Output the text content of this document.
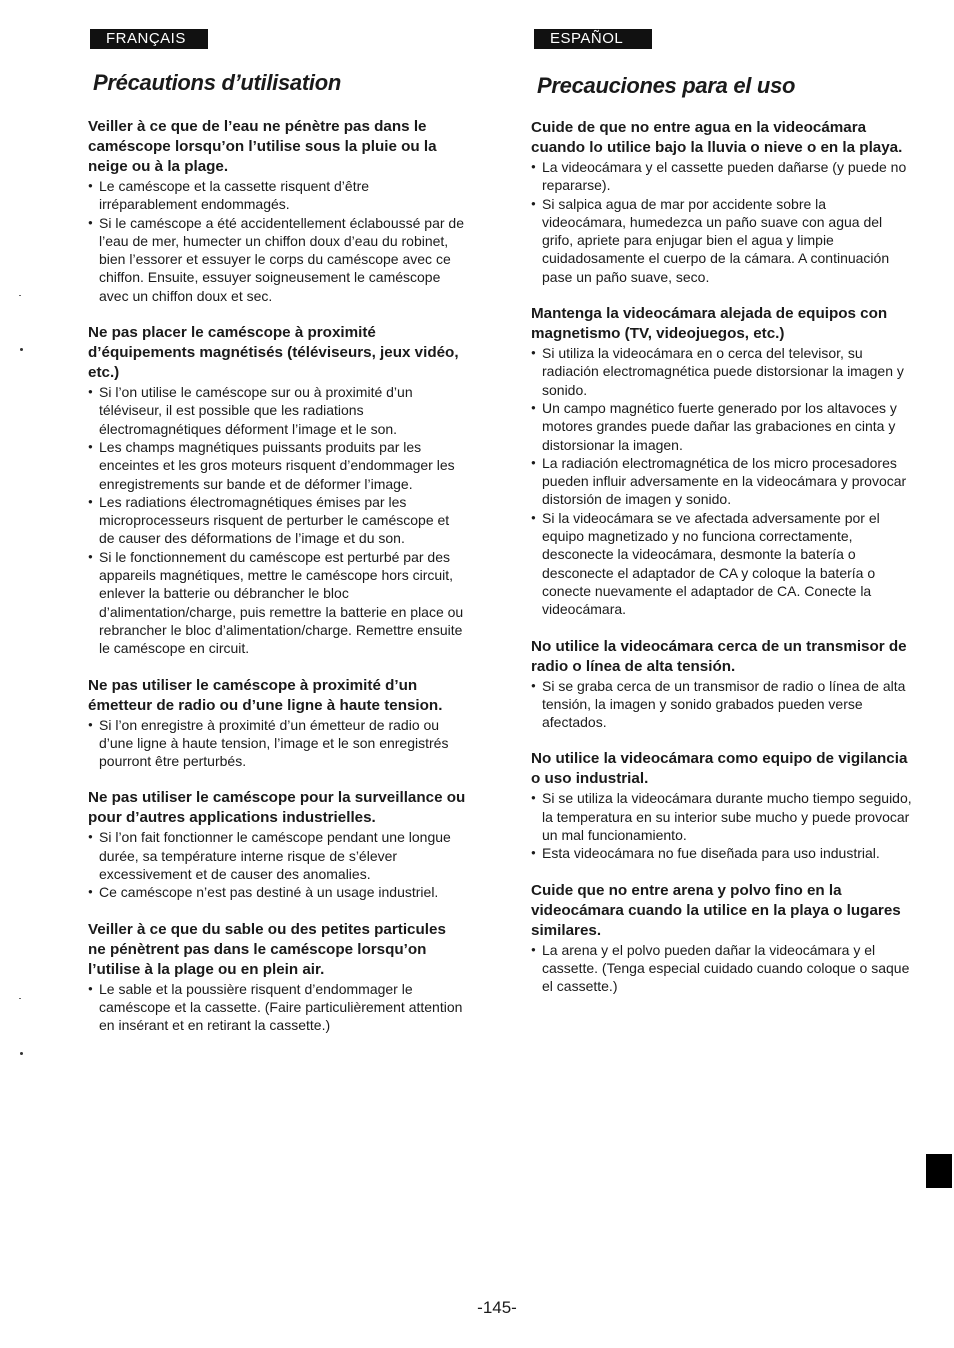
FRANÇAIS
Précautions d’utilisation
Veiller à ce que de l’eau ne pénètre pas dans le caméscope lorsqu’on l’utilise sous la pluie ou la neige ou à la plage.
● Le caméscope et la cassette risquent d’être irréparablement endommagés.
● Si le caméscope a été accidentellement éclaboussé par de l’eau de mer, humecter un chiffon doux d’eau du robinet, bien l’essorer et essuyer le corps du caméscope avec ce chiffon. Ensuite, essuyer soigneusement le caméscope avec un chiffon doux et sec.
Ne pas placer le caméscope à proximité d’équipements magnétisés (téléviseurs, jeux vidéo, etc.)
● Si l’on utilise le caméscope sur ou à proximité d’un téléviseur, il est possible que les radiations électromagnétiques déforment l’image et le son.
● Les champs magnétiques puissants produits par les enceintes et les gros moteurs risquent d’endommager les enregistrements sur bande et de déformer l’image.
● Les radiations électromagnétiques émises par les microprocesseurs risquent de perturber le caméscope et de causer des déformations de l’image et du son.
● Si le fonctionnement du caméscope est perturbé par des appareils magnétiques, mettre le caméscope hors circuit, enlever la batterie ou débrancher le bloc d’alimentation/charge, puis remettre la batterie en place ou rebrancher le bloc d’alimentation/charge. Remettre ensuite le caméscope en circuit.
Ne pas utiliser le caméscope à proximité d’un émetteur de radio ou d’une ligne à haute tension.
● Si l’on enregistre à proximité d’un émetteur de radio ou d’une ligne à haute tension, l’image et le son enregistrés pourront être perturbés.
Ne pas utiliser le caméscope pour la surveillance ou pour d’autres applications industrielles.
● Si l’on fait fonctionner le caméscope pendant une longue durée, sa température interne risque de s’élever excessivement et de causer des anomalies.
● Ce caméscope n’est pas destiné à un usage industriel.
Veiller à ce que du sable ou des petites particules ne pénètrent pas dans le caméscope lorsqu’on l’utilise à la plage ou en plein air.
● Le sable et la poussière risquent d’endommager le caméscope et la cassette. (Faire particulièrement attention en insérant et en retirant la cassette.)
ESPAÑOL
Precauciones para el uso
Cuide de que no entre agua en la videocámara cuando lo utilice bajo la lluvia o nieve o en la playa.
● La videocámara y el cassette pueden dañarse (y puede no repararse).
● Si salpica agua de mar por accidente sobre la videocámara, humedezca un paño suave con agua del grifo, apriete para enjugar bien el agua y limpie cuidadosamente el cuerpo de la cámara. A continuación pase un paño suave, seco.
Mantenga la videocámara alejada de equipos con magnetismo (TV, videojuegos, etc.)
● Si utiliza la videocámara en o cerca del televisor, su radiación electromagnética puede distorsionar la imagen y sonido.
● Un campo magnético fuerte generado por los altavoces y motores grandes puede dañar las grabaciones en cinta y distorsionar la imagen.
● La radiación electromagnética de los micro procesadores pueden influir adversamente en la videocámara y provocar distorsión de imagen y sonido.
● Si la videocámara se ve afectada adversamente por el equipo magnetizado y no funciona correctamente, desconecte la videocámara, desmonte la batería o desconecte el adaptador de CA y coloque la batería o conecte nuevamente el adaptador de CA. Conecte la videocámara.
No utilice la videocámara cerca de un transmisor de radio o línea de alta tensión.
● Si se graba cerca de un transmisor de radio o línea de alta tensión, la imagen y sonido grabados pueden verse afectados.
No utilice la videocámara como equipo de vigilancia o uso industrial.
● Si se utiliza la videocámara durante mucho tiempo seguido, la temperatura en su interior sube mucho y puede provocar un mal funcionamiento.
● Esta videocámara no fue diseñada para uso industrial.
Cuide que no entre arena y polvo fino en la videocámara cuando la utilice en la playa o lugares similares.
● La arena y el polvo pueden dañar la videocámara y el cassette. (Tenga especial cuidado cuando coloque o saque el cassette.)
-145-
